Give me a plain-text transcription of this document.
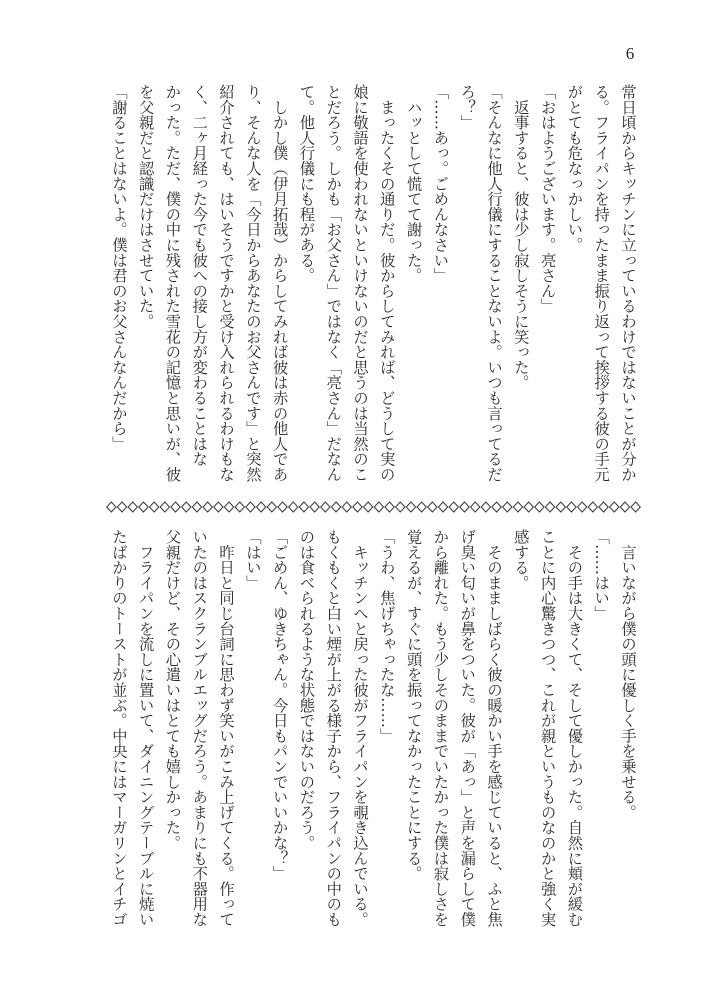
6
常日頃からキッチンに立っているわけではないことが分か
る。フライパンを持ったまま振り返って挨拶する彼の手元
がとても危なっかしい。
「おはようございます。亮さん」
　返事すると、彼は少し寂しそうに笑った。
「そんなに他人行儀にすることないよ。いつも言ってるだ
ろ？」
「……あっ。ごめんなさい」
　ハッとして慌てて謝った。
　まったくその通りだ。彼からしてみれば、どうして実の
娘に敬語を使われないといけないのだと思うのは当然のこ
とだろう。しかも「お父さん」ではなく「亮さん」だなん
て。他人行儀にも程がある。
　しかし僕（伊月拓哉）からしてみれば彼は赤の他人であ
り、そんな人を「今日からあなたのお父さんです」と突然
紹介されても、はいそうですかと受け入れられるわけもな
く、二ヶ月経った今でも彼への接し方が変わることはな
かった。ただ、僕の中に残された雪花の記憶と思いが、彼
を父親だと認識だけはさせていた。
「謝ることはないよ。僕は君のお父さんなんだから」
　言いながら僕の頭に優しく手を乗せる。
「……はい」
　その手は大きくて、そして優しかった。自然に頬が緩む
ことに内心驚きつつ、これが親というものなのかと強く実
感する。
　そのまましばらく彼の暖かい手を感じていると、ふと焦
げ臭い匂いが鼻をついた。彼が「あっ」と声を漏らして僕
から離れた。もう少しそのままでいたかった僕は寂しさを
覚えるが、すぐに頭を振ってなかったことにする。
「うわ、焦げちゃったな……」
　キッチンへと戻った彼がフライパンを覗き込んでいる。
もくもくと白い煙が上がる様子から、フライパンの中のも
のは食べられるような状態ではないのだろう。
「ごめん、ゆきちゃん。今日もパンでいいかな？」
「はい」
　昨日と同じ台詞に思わず笑いがこみ上げてくる。作って
いたのはスクランブルエッグだろう。あまりにも不器用な
父親だけど、その心遣いはとても嬉しかった。
　フライパンを流しに置いて、ダイニングテーブルに焼い
たばかりのトーストが並ぶ。中央にはマーガリンとイチゴ
